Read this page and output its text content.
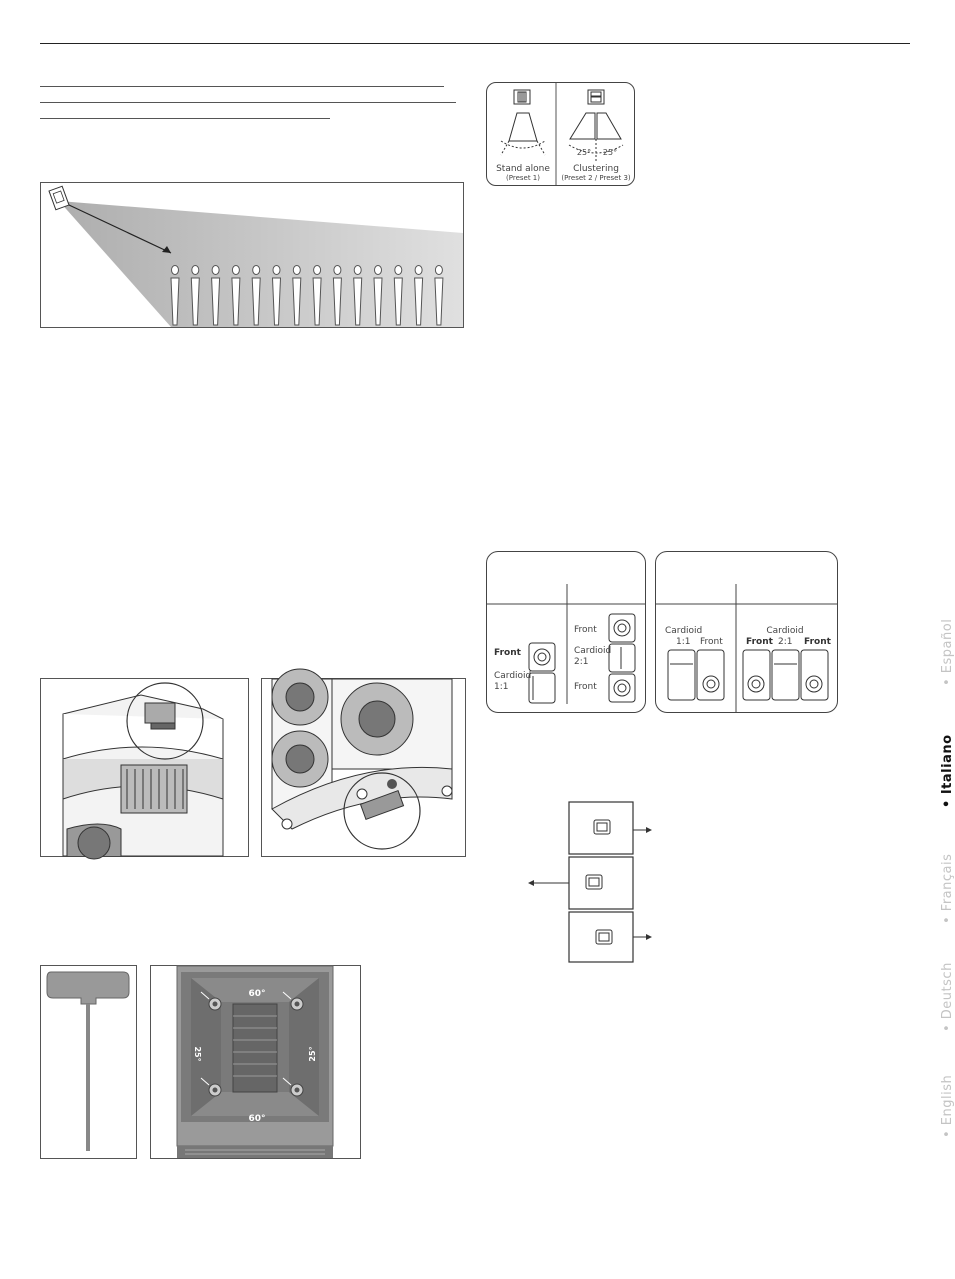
Stand alone
(Preset 1)
25° 25°
Clustering
(Preset 2 / Preset 3)
Front
Cardioid
1:1
Front
Cardioid
2:1
Front
Cardioid
1:1 Front
Cardioid
Front 2:1 Front
60°
60°
25°	25°
• Español
• Italiano
• Français
• Deutsch
• English
